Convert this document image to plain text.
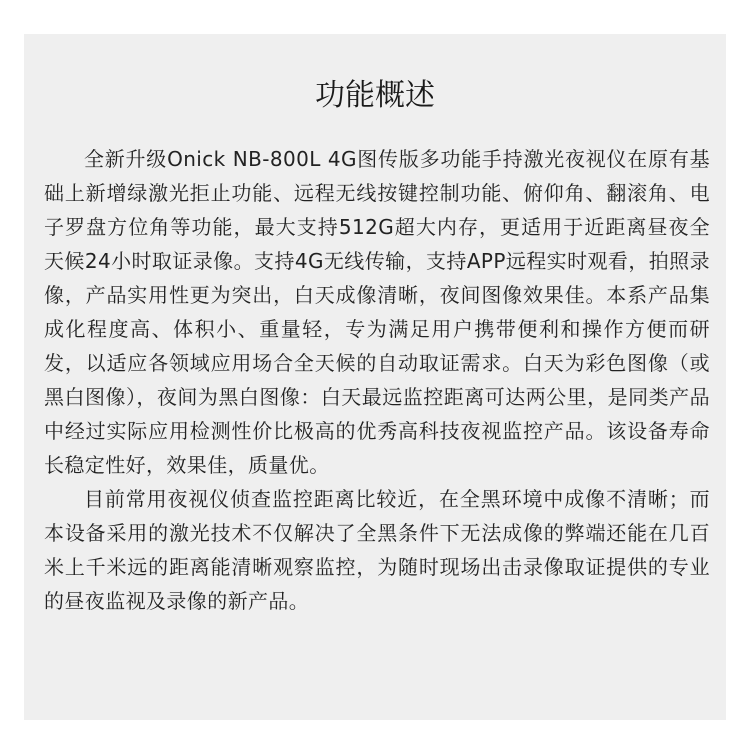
功能概述

全新升级Onick NB-800L 4G图传版多功能手持激光夜视仪在原有基础上新增绿激光拒止功能、远程无线按键控制功能、俯仰角、翻滚角、电子罗盘方位角等功能，最大支持512G超大内存，更适用于近距离昼夜全天候24小时取证录像。支持4G无线传输，支持APP远程实时观看，拍照录像，产品实用性更为突出，白天成像清晰，夜间图像效果佳。本系产品集成化程度高、体积小、重量轻，专为满足用户携带便利和操作方便而研发，以适应各领域应用场合全天候的自动取证需求。白天为彩色图像（或黑白图像），夜间为黑白图像：白天最远监控距离可达两公里，是同类产品中经过实际应用检测性价比极高的优秀高科技夜视监控产品。该设备寿命长稳定性好，效果佳，质量优。

目前常用夜视仪侦查监控距离比较近，在全黑环境中成像不清晰；而本设备采用的激光技术不仅解决了全黑条件下无法成像的弊端还能在几百米上千米远的距离能清晰观察监控，为随时现场出击录像取证提供的专业的昼夜监视及录像的新产品。
